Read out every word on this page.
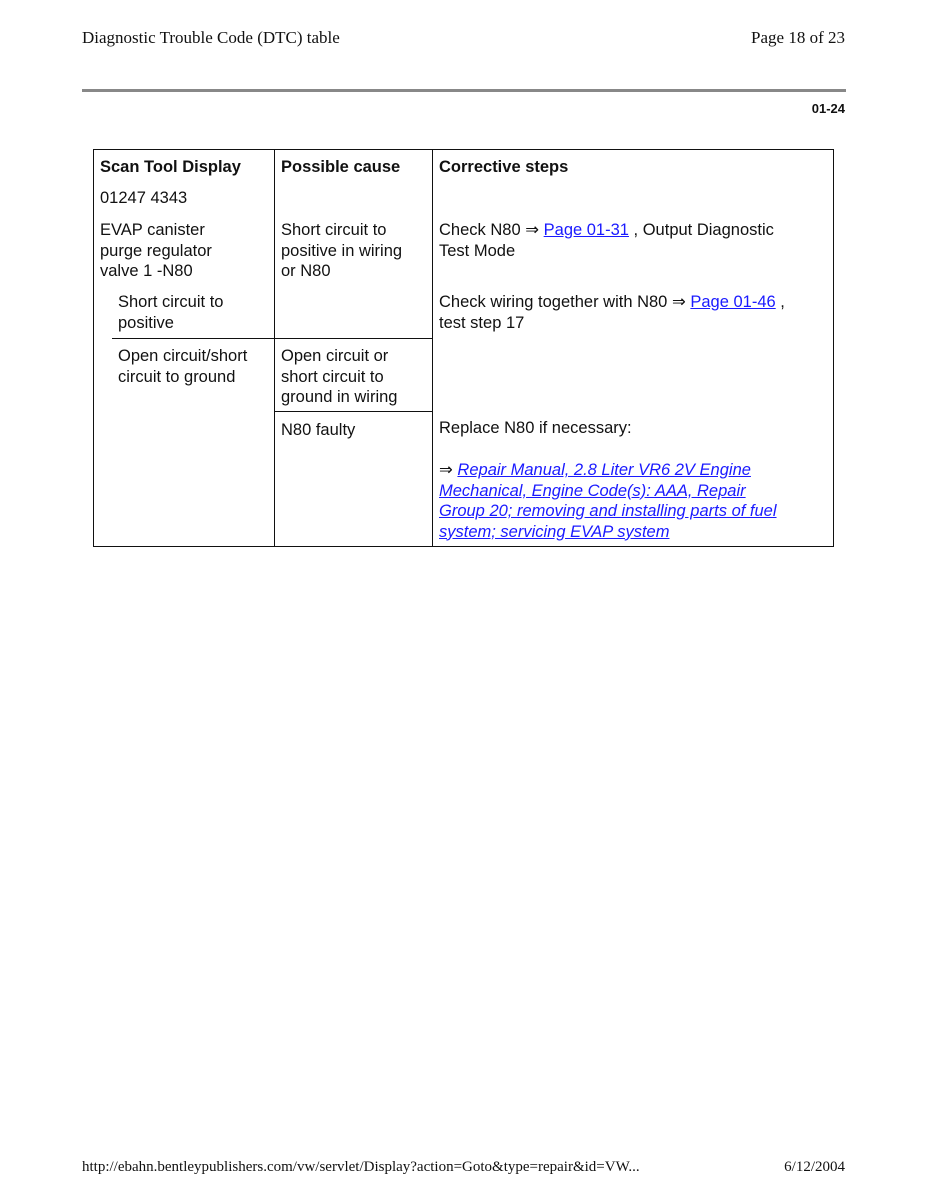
Diagnostic Trouble Code (DTC) table	Page 18 of 23
01-24
Scan Tool Display Possible cause Corrective steps
01247 4343
EVAP canister
purge regulator
valve 1 -N80
Short circuit to
positive in wiring
or N80
Short circuit to
positive
Open circuit/short
circuit to ground
Open circuit or
short circuit to
ground in wiring
N80 faulty
Check N80 ⇒ Page 01-31 , Output Diagnostic
Test Mode
Check wiring together with N80 ⇒ Page 01-46 ,
test step 17
Replace N80 if necessary:
⇒ Repair Manual, 2.8 Liter VR6 2V Engine
Mechanical, Engine Code(s): AAA, Repair
Group 20; removing and installing parts of fuel
system; servicing EVAP system
http://ebahn.bentleypublishers.com/vw/servlet/Display?action=Goto&type=repair&id=VW...	6/12/2004
